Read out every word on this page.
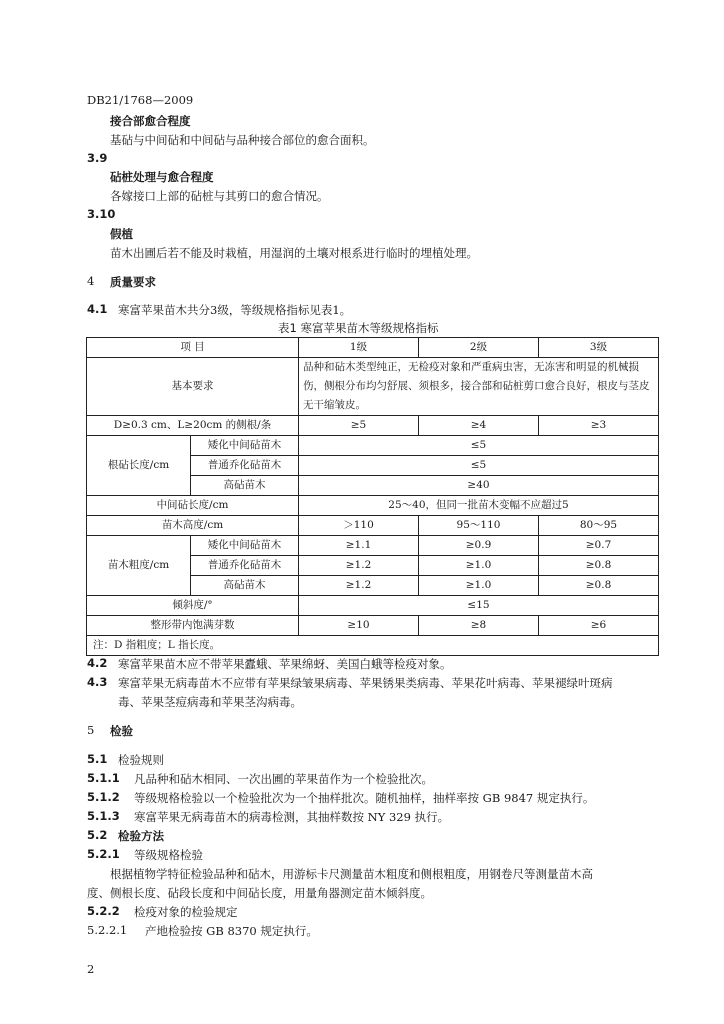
DB21/1768—2009
接合部愈合程度
基砧与中间砧和中间砧与品种接合部位的愈合面积。
3.9
砧桩处理与愈合程度
各嫁接口上部的砧桩与其剪口的愈合情况。
3.10
假植
苗木出圃后若不能及时栽植，用湿润的土壤对根系进行临时的埋植处理。
4 质量要求
4.1 寒富苹果苗木共分3级，等级规格指标见表1。
表1 寒富苹果苗木等级规格指标
项 目		1级	2级	3级
基本要求		品种和砧木类型纯正，无检疫对象和严重病虫害，无冻害和明显的机械损伤，侧根分布均匀舒展、须根多，接合部和砧桩剪口愈合良好，根皮与茎皮无干缩皱皮。		
D≥0.3 cm、L≥20cm 的侧根/条		≥5	≥4	≥3
根砧长度/cm	矮化中间砧苗木	≤5		
	普通乔化砧苗木	≤5		
	高砧苗木	≥40		
中间砧长度/cm		25～40，但同一批苗木变幅不应超过5		
苗木高度/cm		＞110	95～110	80～95
苗木粗度/cm	矮化中间砧苗木	≥1.1	≥0.9	≥0.7
	普通乔化砧苗木	≥1.2	≥1.0	≥0.8
	高砧苗木	≥1.2	≥1.0	≥0.8
倾斜度/°		≤15		
整形带内饱满芽数		≥10	≥8	≥6
注：D 指粗度；L 指长度。				
4.2 寒富苹果苗木应不带苹果蠹蛾、苹果绵蚜、美国白蛾等检疫对象。
4.3 寒富苹果无病毒苗木不应带有苹果绿皱果病毒、苹果锈果类病毒、苹果花叶病毒、苹果褪绿叶斑病
毒、苹果茎痘病毒和苹果茎沟病毒。
5 检验
5.1 检验规则
5.1.1 凡品种和砧木相同、一次出圃的苹果苗作为一个检验批次。
5.1.2 等级规格检验以一个检验批次为一个抽样批次。随机抽样，抽样率按 GB 9847 规定执行。
5.1.3 寒富苹果无病毒苗木的病毒检测，其抽样数按 NY 329 执行。
5.2 检验方法
5.2.1 等级规格检验
根据植物学特征检验品种和砧木，用游标卡尺测量苗木粗度和侧根粗度，用钢卷尺等测量苗木高
度、侧根长度、砧段长度和中间砧长度，用量角器测定苗木倾斜度。
5.2.2 检疫对象的检验规定
5.2.2.1 产地检验按 GB 8370 规定执行。
2
